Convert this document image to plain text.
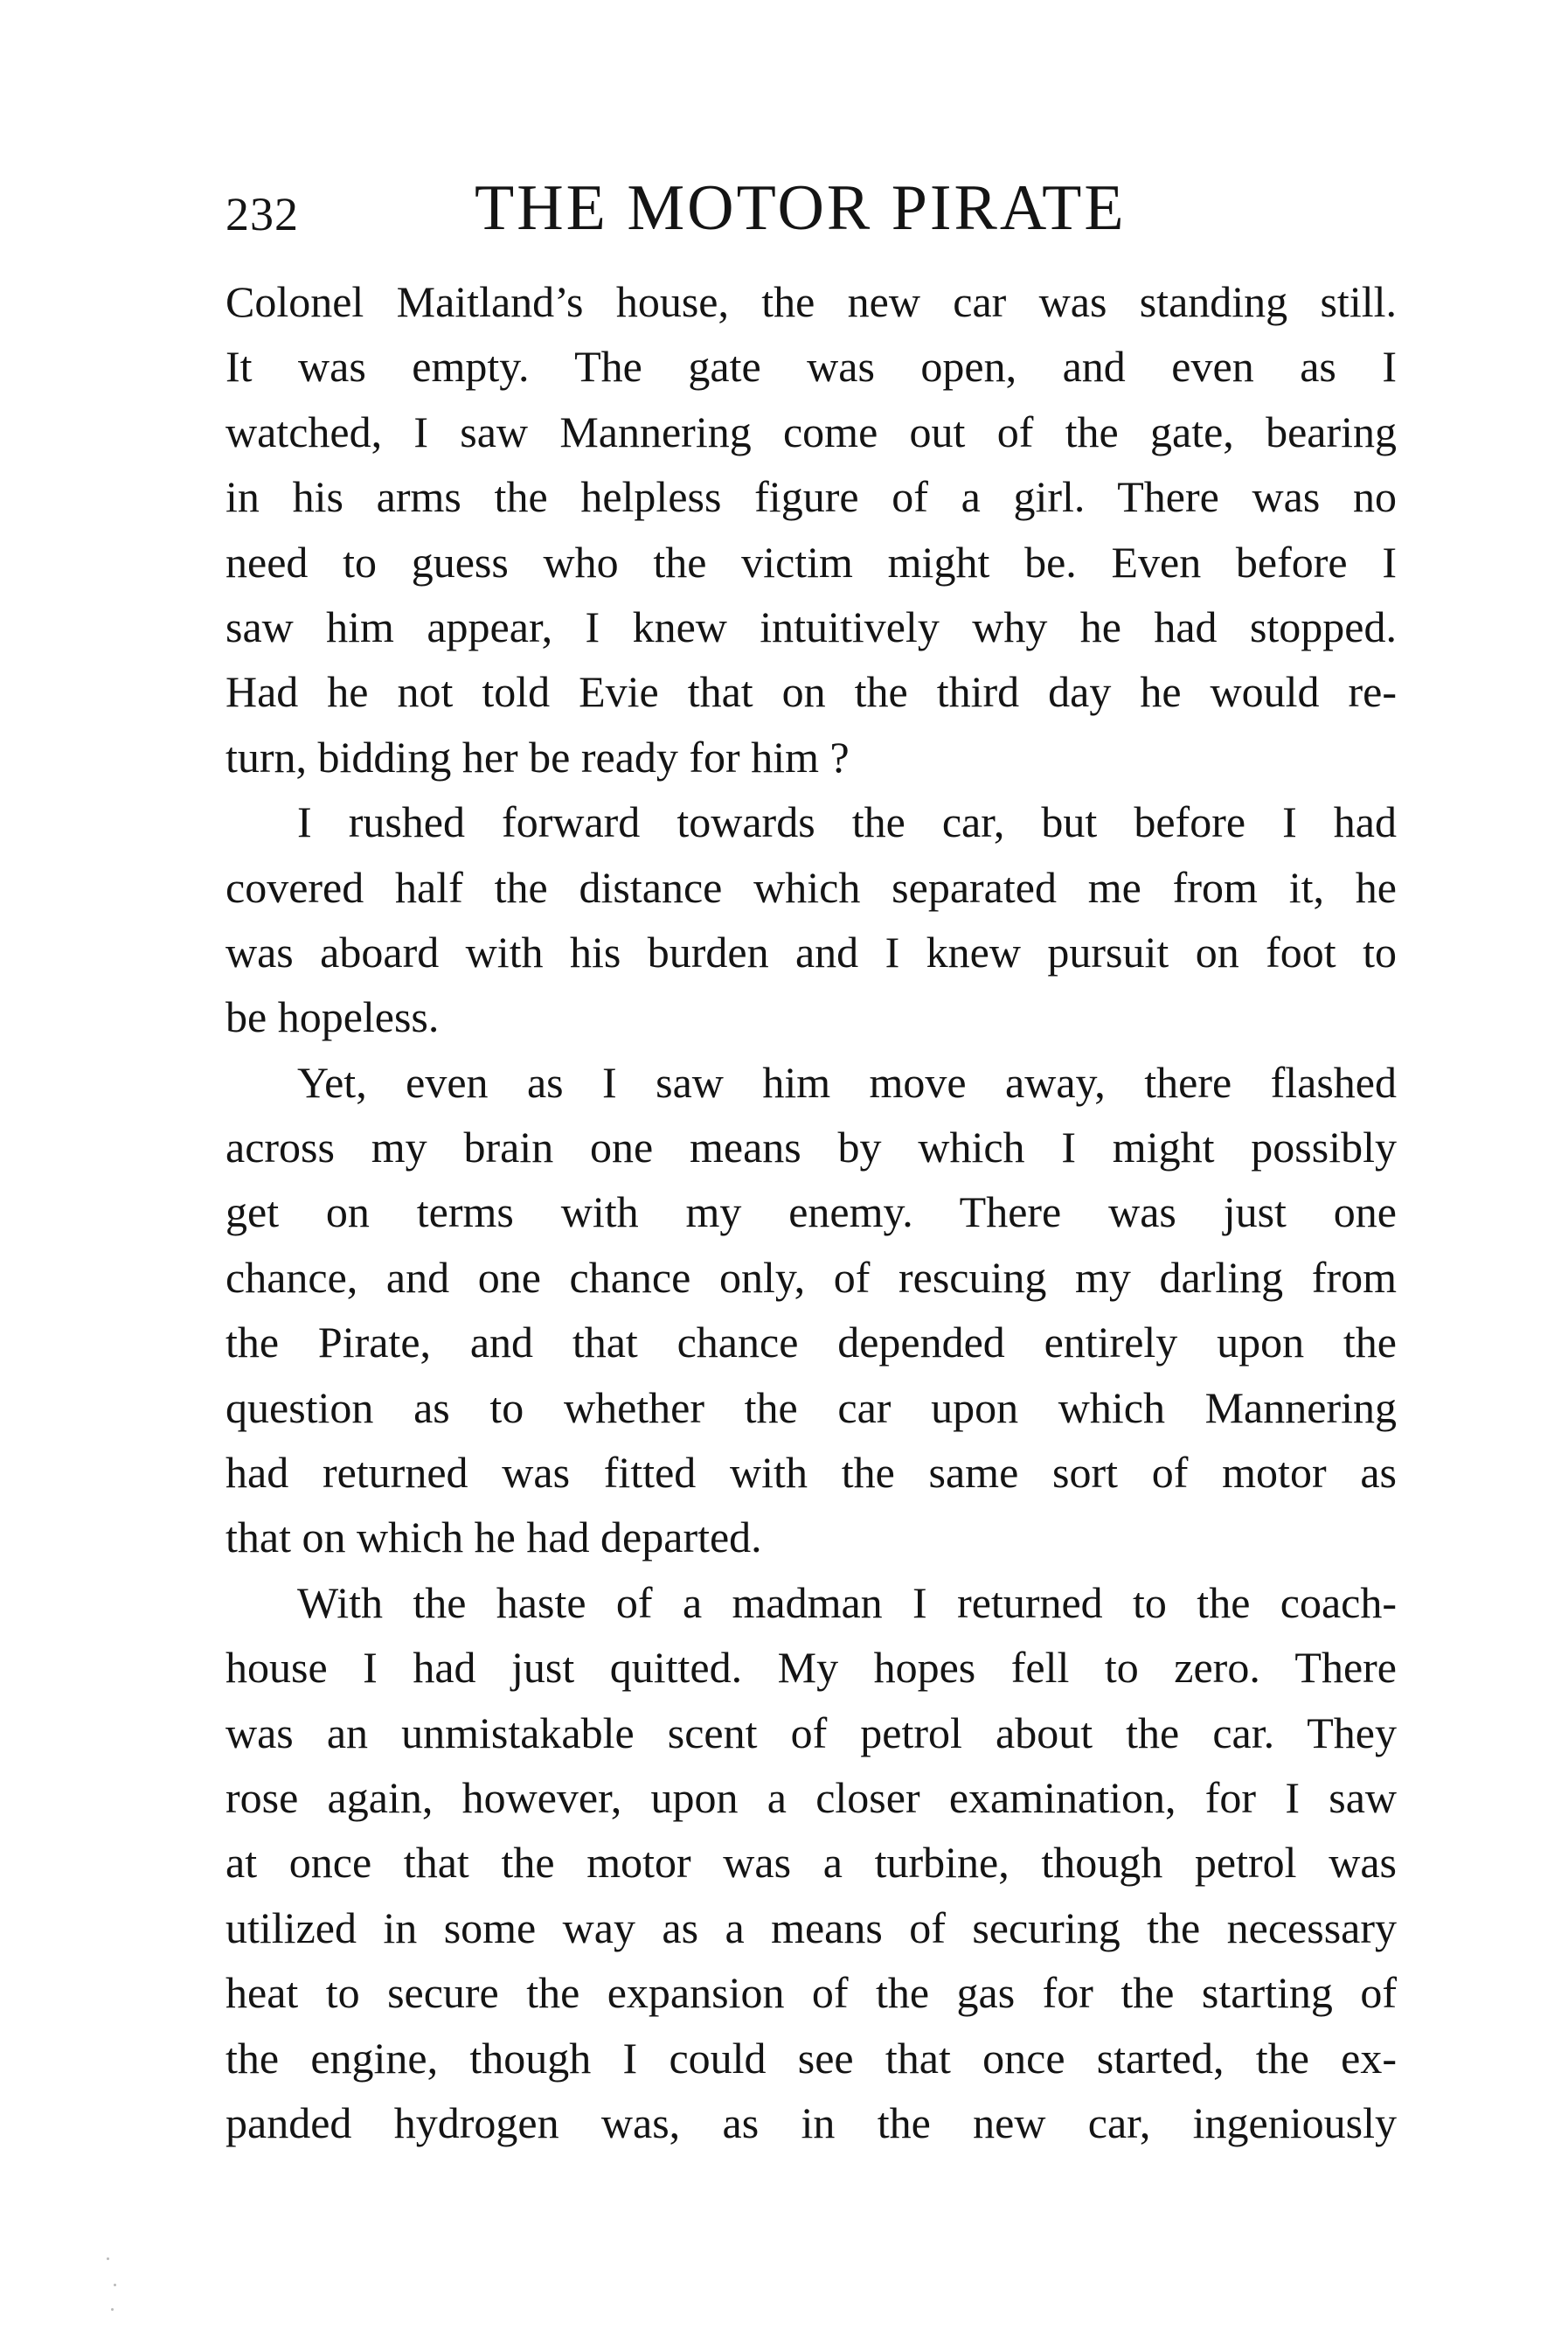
232	THE MOTOR PIRATE
Colonel Maitland’s house, the new car was standing still.
It was empty. The gate was open, and even as I
watched, I saw Mannering come out of the gate, bearing
in his arms the helpless figure of a girl. There was no
need to guess who the victim might be. Even before I
saw him appear, I knew intuitively why he had stopped.
Had he not told Evie that on the third day he would re-
turn, bidding her be ready for him ?
I rushed forward towards the car, but before I had
covered half the distance which separated me from it, he
was aboard with his burden and I knew pursuit on foot to
be hopeless.
Yet, even as I saw him move away, there flashed
across my brain one means by which I might possibly
get on terms with my enemy. There was just one
chance, and one chance only, of rescuing my darling from
the Pirate, and that chance depended entirely upon the
question as to whether the car upon which Mannering
had returned was fitted with the same sort of motor as
that on which he had departed.
With the haste of a madman I returned to the coach-
house I had just quitted. My hopes fell to zero. There
was an unmistakable scent of petrol about the car. They
rose again, however, upon a closer examination, for I saw
at once that the motor was a turbine, though petrol was
utilized in some way as a means of securing the necessary
heat to secure the expansion of the gas for the starting of
the engine, though I could see that once started, the ex-
panded hydrogen was, as in the new car, ingeniously
